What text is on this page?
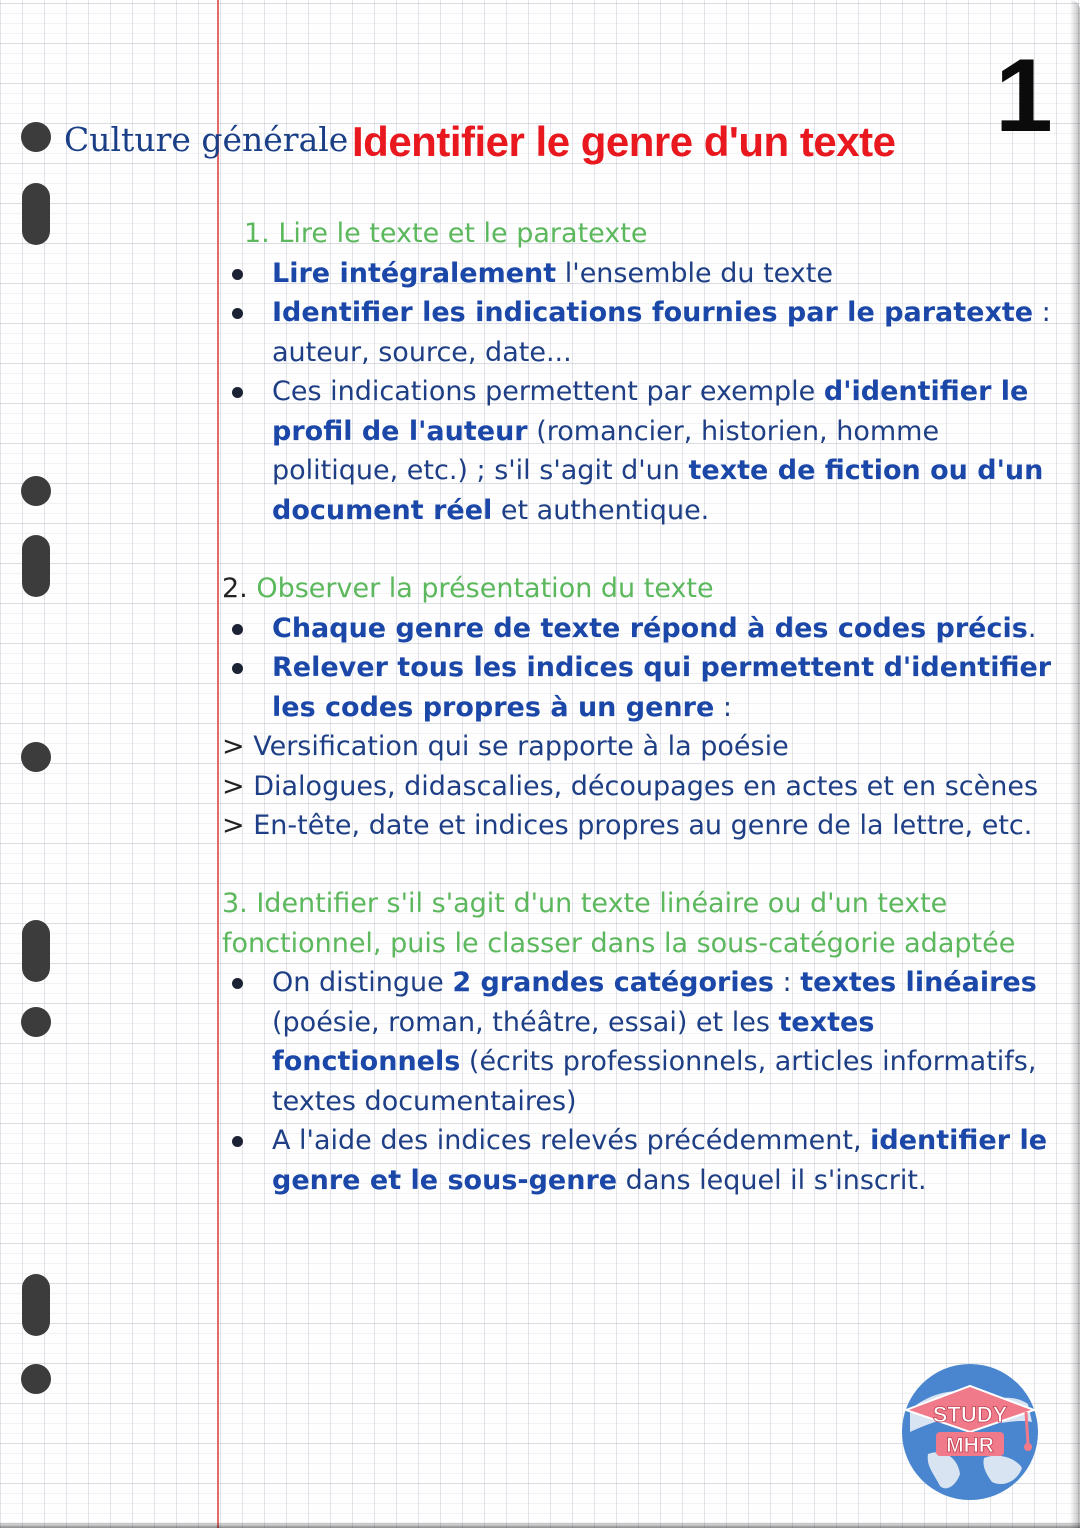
Culture générale Identifier le genre d'un texte 1
1. Lire le texte et le paratexte
Lire intégralement l'ensemble du texte
Identifier les indications fournies par le paratexte : auteur, source, date...
Ces indications permettent par exemple d'identifier le profil de l'auteur (romancier, historien, homme politique, etc.) ; s'il s'agit d'un texte de fiction ou d'un document réel et authentique.
2. Observer la présentation du texte
Chaque genre de texte répond à des codes précis.
Relever tous les indices qui permettent d'identifier les codes propres à un genre :
> Versification qui se rapporte à la poésie
> Dialogues, didascalies, découpages en actes et en scènes
> En-tête, date et indices propres au genre de la lettre, etc.
3. Identifier s'il s'agit d'un texte linéaire ou d'un texte fonctionnel, puis le classer dans la sous-catégorie adaptée
On distingue 2 grandes catégories : textes linéaires (poésie, roman, théâtre, essai) et les textes fonctionnels (écrits professionnels, articles informatifs, textes documentaires)
A l'aide des indices relevés précédemment, identifier le genre et le sous-genre dans lequel il s'inscrit.
STUDY
MHR
